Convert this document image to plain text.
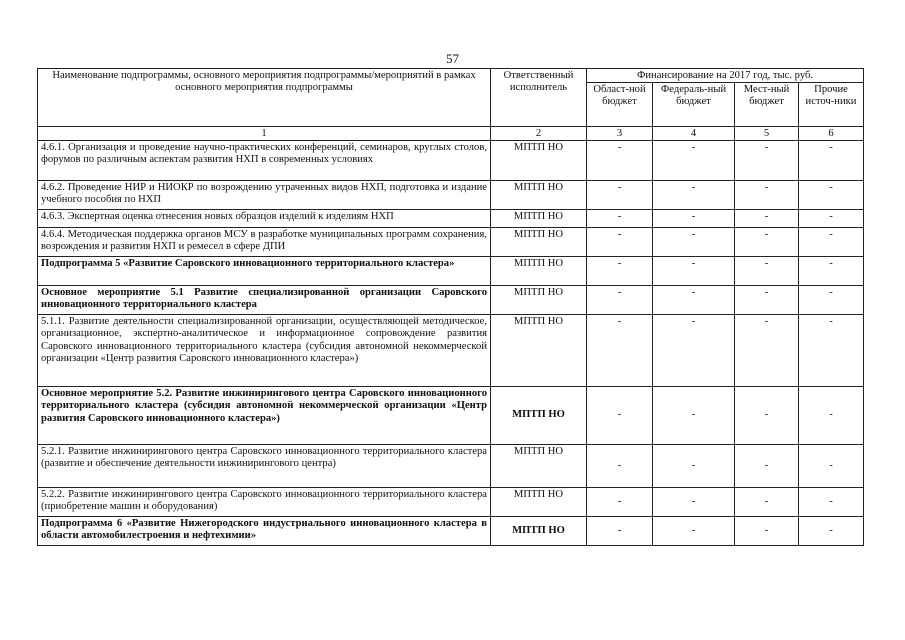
57
Наименование подпрограммы, основного мероприятия подпрограммы/мероприятий в рамках основного мероприятия подпрограммы	Ответственный исполнитель	Финансирование на 2017 год, тыс. руб.			
		Област-ной бюджет	Федераль-ный бюджет	Мест-ный бюджет	Прочие источ-ники
1	2	3	4	5	6
4.6.1. Организация и проведение научно-практических конференций, семинаров, круглых столов, форумов по различным аспектам развития НХП в современных условиях	МПТП НО	-	-	-	-
4.6.2. Проведение НИР и НИОКР по возрождению утраченных видов НХП, подготовка и издание учебного пособия по НХП	МПТП НО	-	-	-	-
4.6.3. Экспертная оценка отнесения новых образцов изделий к изделиям НХП	МПТП НО	-	-	-	-
4.6.4. Методическая поддержка органов МСУ в разработке муниципальных программ сохранения, возрождения и развития НХП и ремесел в сфере ДПИ	МПТП НО	-	-	-	-
Подпрограмма 5 «Развитие Саровского инновационного территориального кластера»	МПТП НО	-	-	-	-
Основное мероприятие 5.1 Развитие специализированной организации Саровского инновационного территориального кластера	МПТП НО	-	-	-	-
5.1.1. Развитие деятельности специализированной организации, осуществляющей методическое, организационное, экспертно-аналитическое и информационное сопровождение развития Саровского инновационного территориального кластера (субсидия автономной некоммерческой организации «Центр развития Саровского инновационного кластера»)	МПТП НО	-	-	-	-
Основное мероприятие 5.2. Развитие инжинирингового центра Саровского инновационного территориального кластера (субсидия автономной некоммерческой организации «Центр развития Саровского инновационного кластера»)	МПТП НО	-	-	-	-
5.2.1. Развитие инжинирингового центра Саровского инновационного территориального кластера (развитие и обеспечение деятельности инжинирингового центра)	МПТП НО	-	-	-	-
5.2.2. Развитие инжинирингового центра Саровского инновационного территориального кластера (приобретение машин и оборудования)	МПТП НО	-	-	-	-
Подпрограмма 6 «Развитие Нижегородского индустриального инновационного кластера в области автомобилестроения и нефтехимии»	МПТП НО	-	-	-	-
